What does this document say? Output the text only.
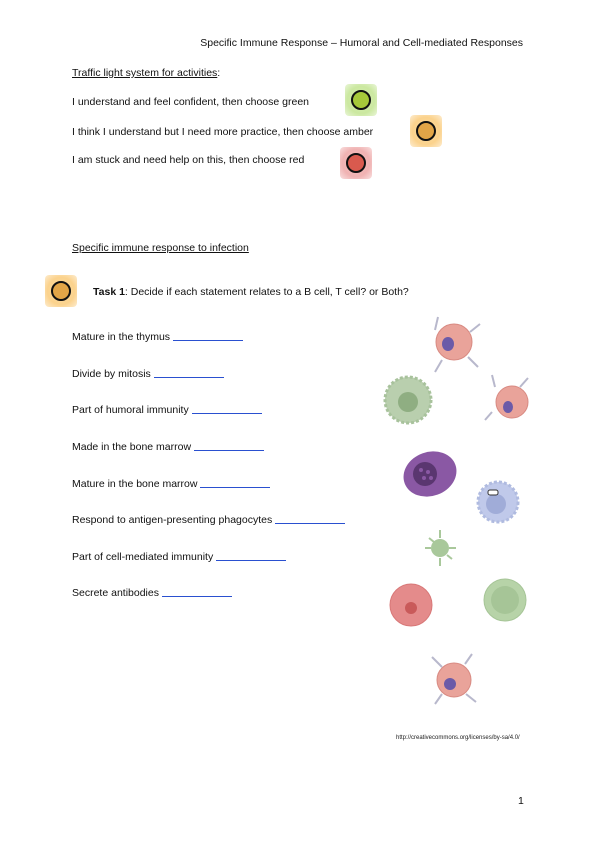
Specific Immune Response – Humoral and Cell-mediated Responses
Traffic light system for activities:
I understand and feel confident, then choose green
I think I understand but I need more practice, then choose amber
I am stuck and need help on this, then choose red
Specific immune response to infection
Task 1: Decide if each statement relates to a B cell, T cell? or Both?
Mature in the thymus
Divide by mitosis
Part of humoral immunity
Made in the bone marrow
Mature in the bone marrow
Respond to antigen-presenting phagocytes
Part of cell-mediated immunity
Secrete antibodies
http://creativecommons.org/licenses/by-sa/4.0/
1
